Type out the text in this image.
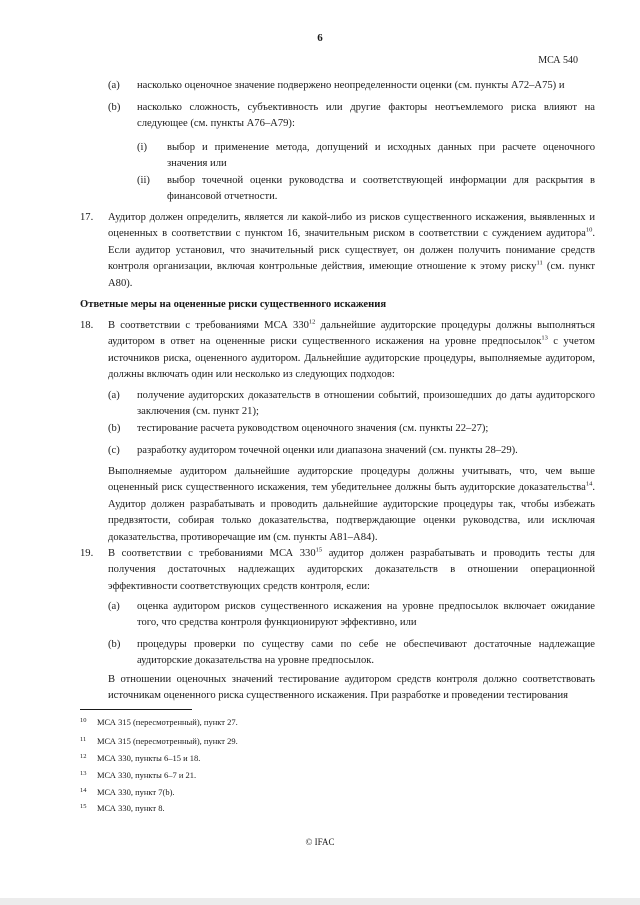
6
МСА 540
(a) насколько оценочное значение подвержено неопределенности оценки (см. пункты А72–А75) и
(b) насколько сложность, субъективность или другие факторы неотъемлемого риска влияют на следующее (см. пункты А76–А79):
(i) выбор и применение метода, допущений и исходных данных при расчете оценочного значения или
(ii) выбор точечной оценки руководства и соответствующей информации для раскрытия в финансовой отчетности.
17. Аудитор должен определить, является ли какой-либо из рисков существенного искажения, выявленных и оцененных в соответствии с пунктом 16, значительным риском в соответствии с суждением аудитора$^{10}$. Если аудитор установил, что значительный риск существует, он должен получить понимание средств контроля организации, включая контрольные действия, имеющие отношение к этому риску$^{11}$ (см. пункт А80).
Ответные меры на оцененные риски существенного искажения
18. В соответствии с требованиями МСА $330^{12}$ дальнейшие аудиторские процедуры должны выполняться аудитором в ответ на оцененные риски существенного искажения на уровне предпосылок$^{13}$ с учетом источников риска, оцененного аудитором. Дальнейшие аудиторские процедуры, выполняемые аудитором, должны включать один или несколько из следующих подходов:
(a) получение аудиторских доказательств в отношении событий, произошедших до даты аудиторского заключения (см. пункт 21);
(b) тестирование расчета руководством оценочного значения (см. пункты 22–27);
(c) разработку аудитором точечной оценки или диапазона значений (см. пункты 28–29).
Выполняемые аудитором дальнейшие аудиторские процедуры должны учитывать, что, чем выше оцененный риск существенного искажения, тем убедительнее должны быть аудиторские доказательства$^{14}$. Аудитор должен разрабатывать и проводить дальнейшие аудиторские процедуры так, чтобы избежать предвзятости, собирая только доказательства, подтверждающие оценки руководства, или исключая доказательства, противоречащие им (см. пункты А81–А84).
19. В соответствии с требованиями МСА $330^{15}$ аудитор должен разрабатывать и проводить тесты для получения достаточных надлежащих аудиторских доказательств в отношении операционной эффективности соответствующих средств контроля, если:
(a) оценка аудитором рисков существенного искажения на уровне предпосылок включает ожидание того, что средства контроля функционируют эффективно, или
(b) процедуры проверки по существу сами по себе не обеспечивают достаточные надлежащие аудиторские доказательства на уровне предпосылок.
В отношении оценочных значений тестирование аудитором средств контроля должно соответствовать источникам оцененного риска существенного искажения. При разработке и проведении тестирования
10 МСА 315 (пересмотренный), пункт 27.
11 МСА 315 (пересмотренный), пункт 29.
12 МСА 330, пункты 6–15 и 18.
13 МСА 330, пункты 6–7 и 21.
14 МСА 330, пункт 7(b).
15 МСА 330, пункт 8.
© IFAC
